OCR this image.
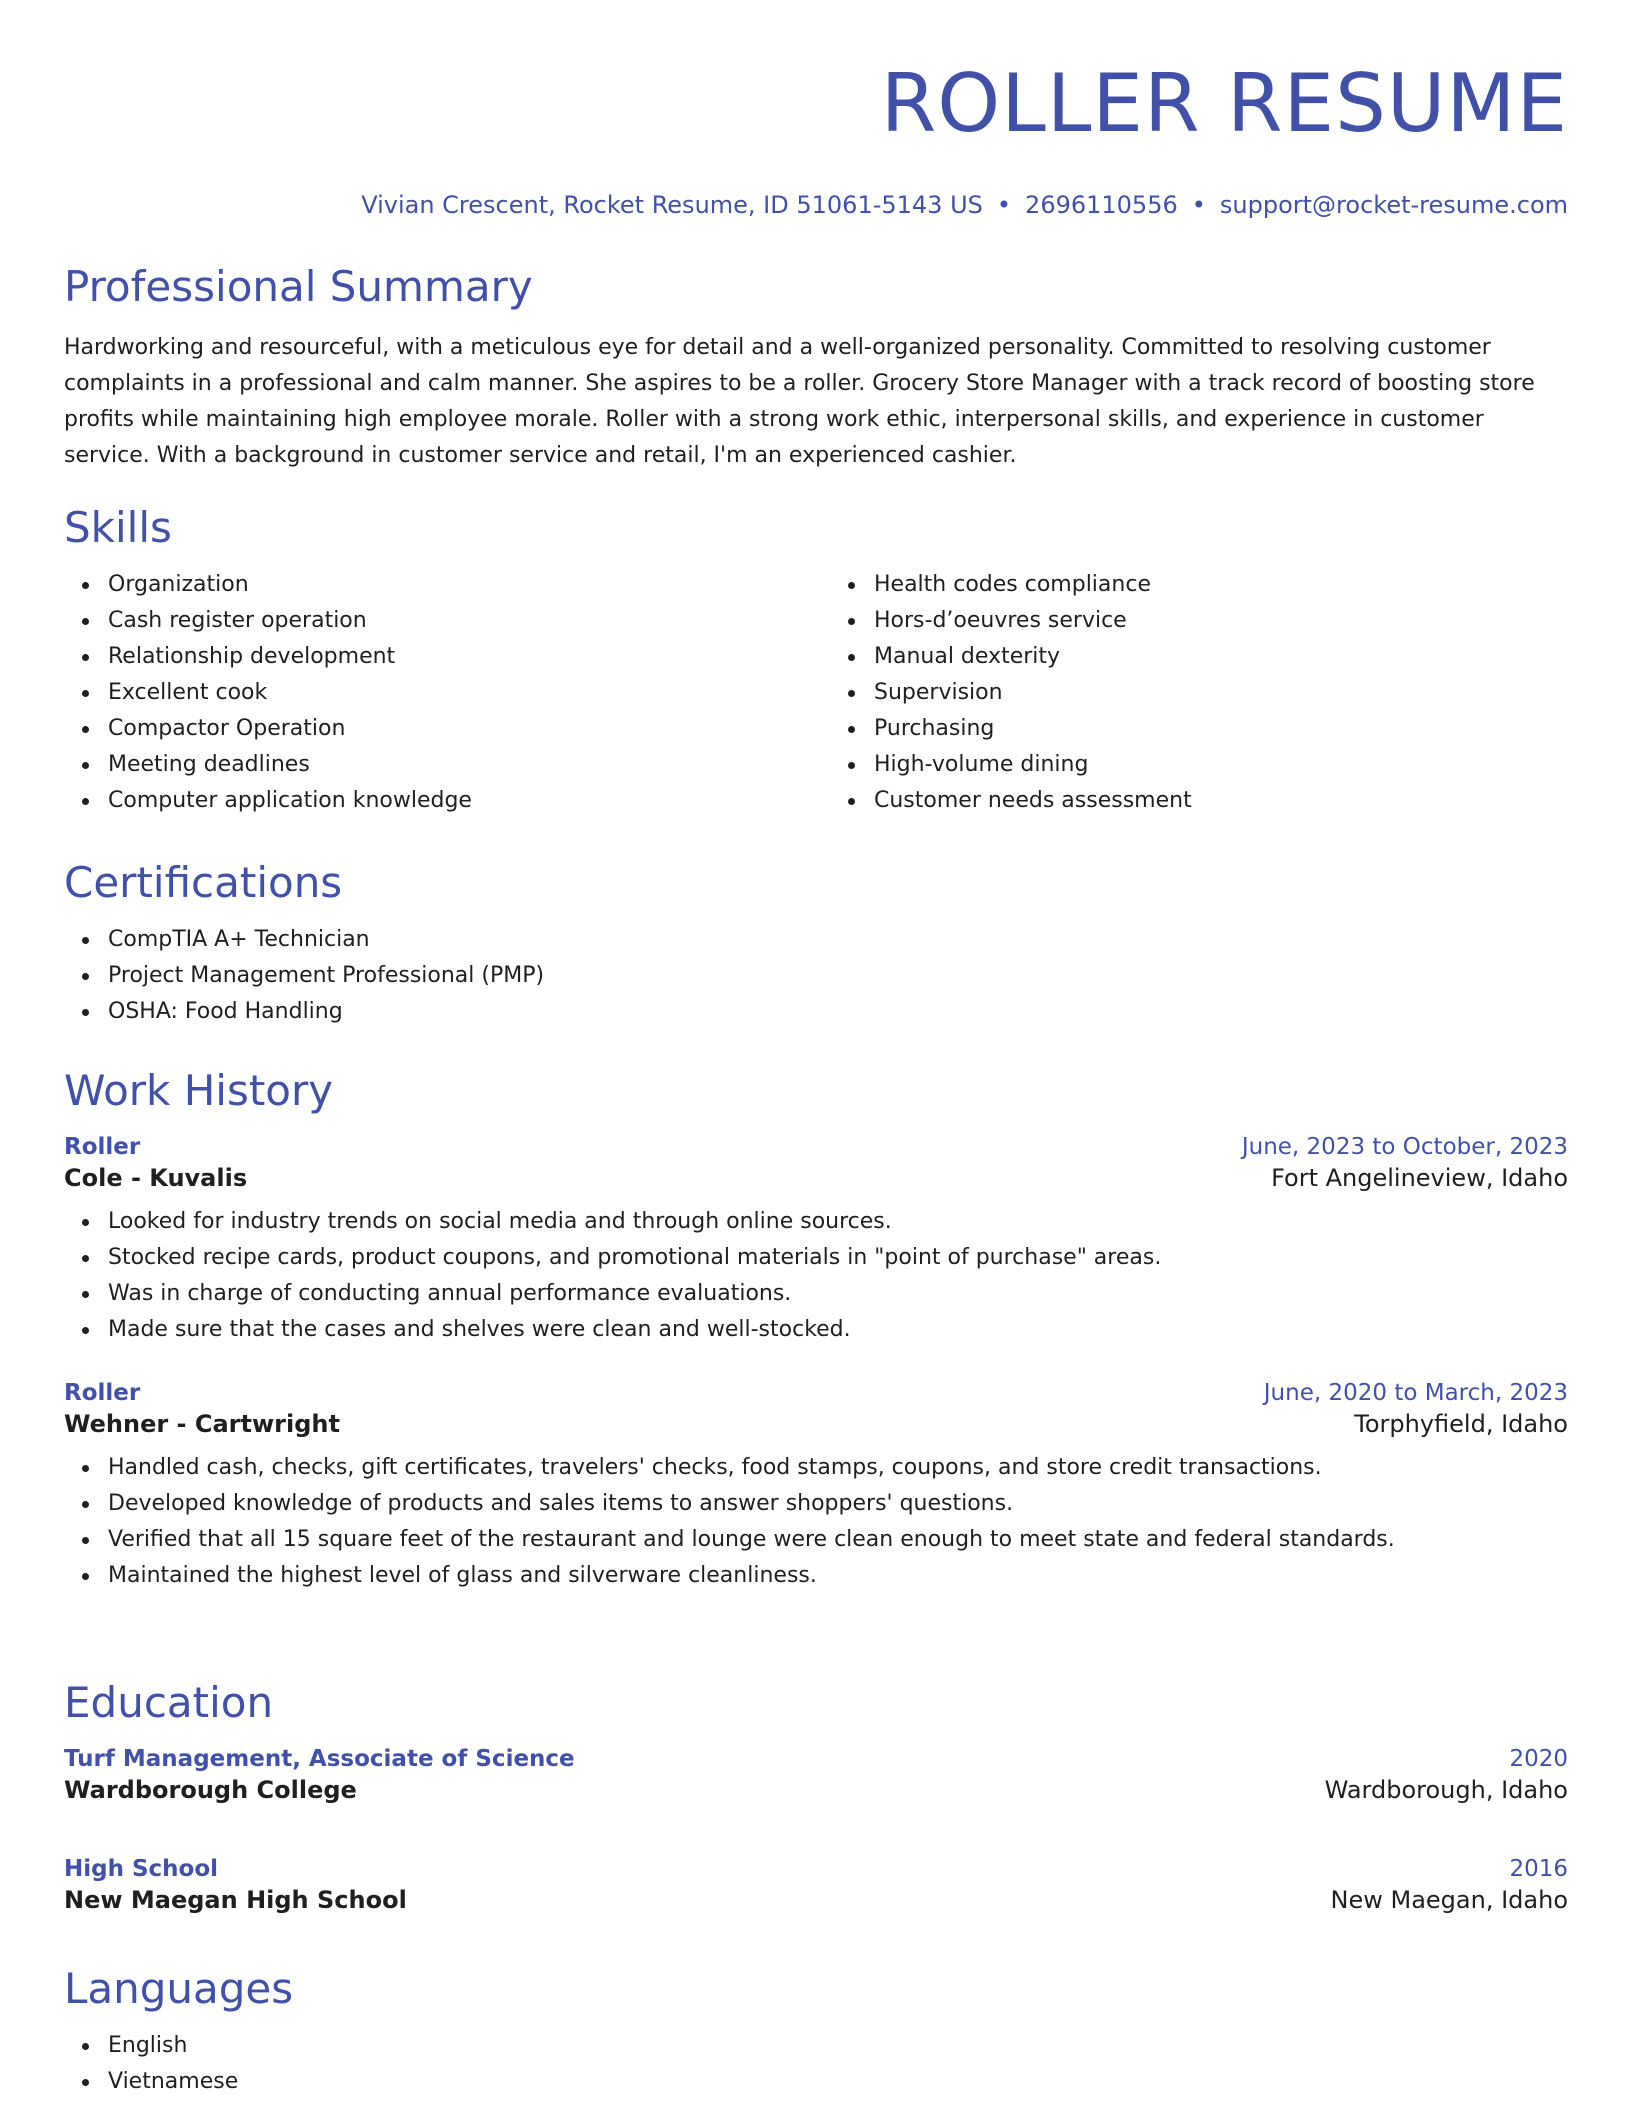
ROLLER RESUME
Vivian Crescent, Rocket Resume, ID 51061-5143 US • 2696110556 • support@rocket-resume.com
Professional Summary

Hardworking and resourceful, with a meticulous eye for detail and a well-organized personality. Committed to resolving customer complaints in a professional and calm manner. She aspires to be a roller. Grocery Store Manager with a track record of boosting store profits while maintaining high employee morale. Roller with a strong work ethic, interpersonal skills, and experience in customer service. With a background in customer service and retail, I'm an experienced cashier.

Skills
Organization
Cash register operation
Relationship development
Excellent cook
Compactor Operation
Meeting deadlines
Computer application knowledge
Health codes compliance
Hors-d’oeuvres service
Manual dexterity
Supervision
Purchasing
High-volume dining
Customer needs assessment
Certifications
CompTIA A+ Technician
Project Management Professional (PMP)
OSHA: Food Handling
Work History
Roller	June, 2023 to October, 2023
Cole - Kuvalis	Fort Angelineview, Idaho
Looked for industry trends on social media and through online sources.
Stocked recipe cards, product coupons, and promotional materials in "point of purchase" areas.
Was in charge of conducting annual performance evaluations.
Made sure that the cases and shelves were clean and well-stocked.
Roller	June, 2020 to March, 2023
Wehner - Cartwright	Torphyfield, Idaho
Handled cash, checks, gift certificates, travelers' checks, food stamps, coupons, and store credit transactions.
Developed knowledge of products and sales items to answer shoppers' questions.
Verified that all 15 square feet of the restaurant and lounge were clean enough to meet state and federal standards.
Maintained the highest level of glass and silverware cleanliness.
Education
Turf Management, Associate of Science	2020
Wardborough College	Wardborough, Idaho
High School	2016
New Maegan High School	New Maegan, Idaho
Languages
English
Vietnamese
